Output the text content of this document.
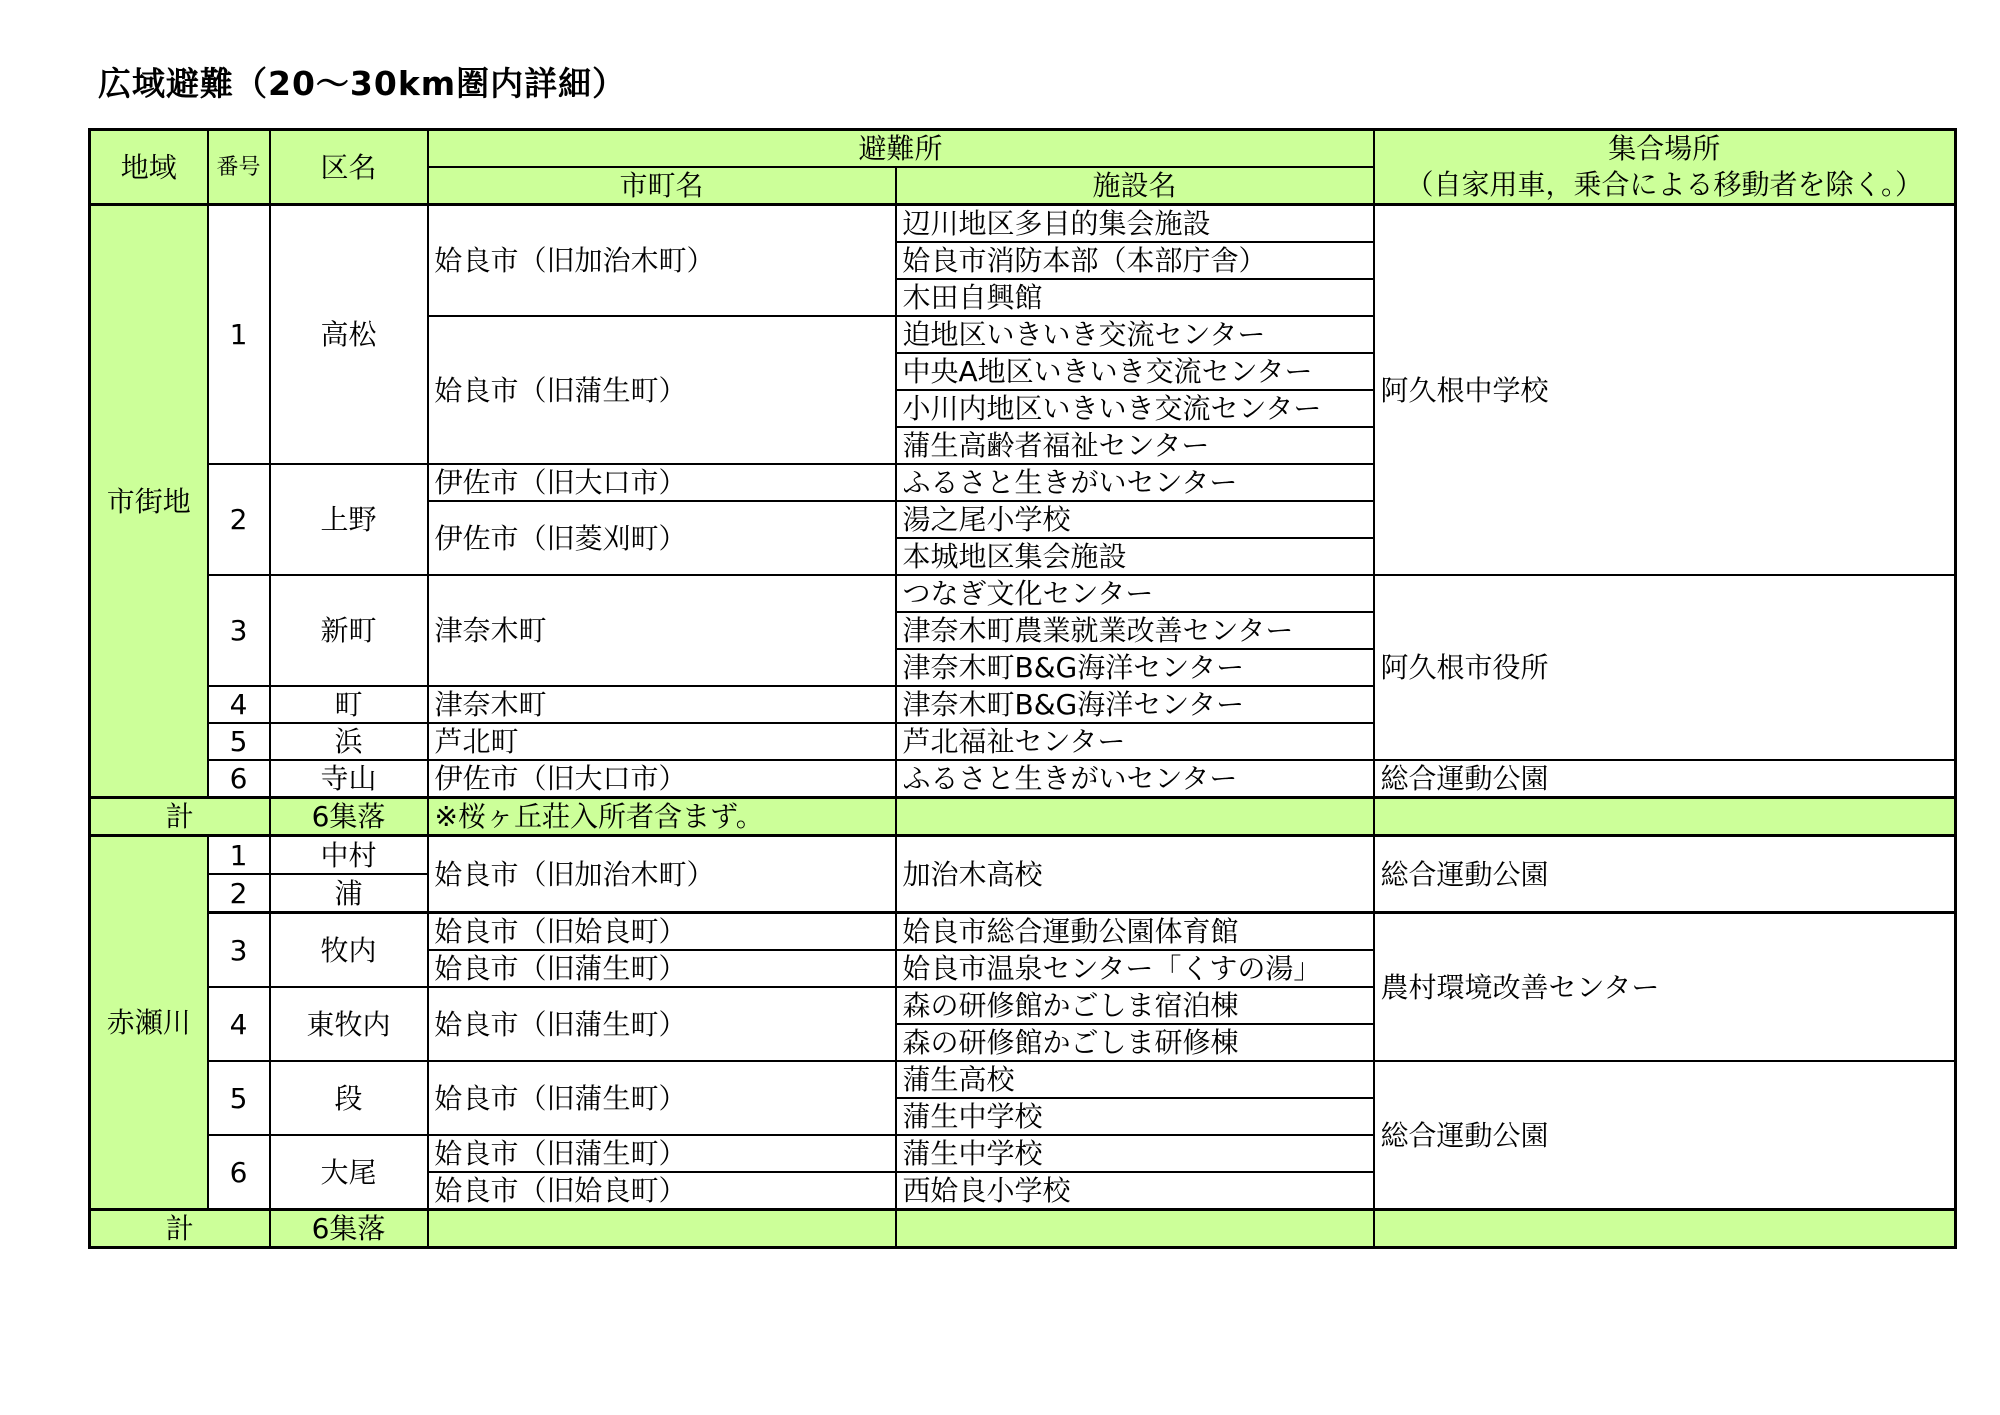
広域避難（20～30km圏内詳細）
地域	番号	区名	避難所		集合場所
（自家用車，乗合による移動者を除く。）

			市町名	施設名	
市街地	1	高松	姶良市（旧加治木町）	辺川地区多目的集会施設	阿久根中学校
				姶良市消防本部（本部庁舎）	
				木田自興館	
			姶良市（旧蒲生町）	迫地区いきいき交流センター	
				中央A地区いきいき交流センター	
				小川内地区いきいき交流センター	
				蒲生高齢者福祉センター	
	2	上野	伊佐市（旧大口市）	ふるさと生きがいセンター	
			伊佐市（旧菱刈町）	湯之尾小学校	
				本城地区集会施設	
	3	新町	津奈木町	つなぎ文化センター	阿久根市役所
				津奈木町農業就業改善センター	
				津奈木町B&G海洋センター	
	4	町	津奈木町	津奈木町B&G海洋センター	
	5	浜	芦北町	芦北福祉センター	
	6	寺山	伊佐市（旧大口市）	ふるさと生きがいセンター	総合運動公園
計		6集落	※桜ヶ丘荘入所者含まず。		
赤瀬川	1	中村	姶良市（旧加治木町）	加治木高校	総合運動公園
	2	浦			
	3	牧内	姶良市（旧姶良町）	姶良市総合運動公園体育館	農村環境改善センター
			姶良市（旧蒲生町）	姶良市温泉センター「くすの湯」	
	4	東牧内	姶良市（旧蒲生町）	森の研修館かごしま宿泊棟	
				森の研修館かごしま研修棟	
	5	段	姶良市（旧蒲生町）	蒲生高校	総合運動公園
				蒲生中学校	
	6	大尾	姶良市（旧蒲生町）	蒲生中学校	
			姶良市（旧姶良町）	西姶良小学校	
計		6集落			
